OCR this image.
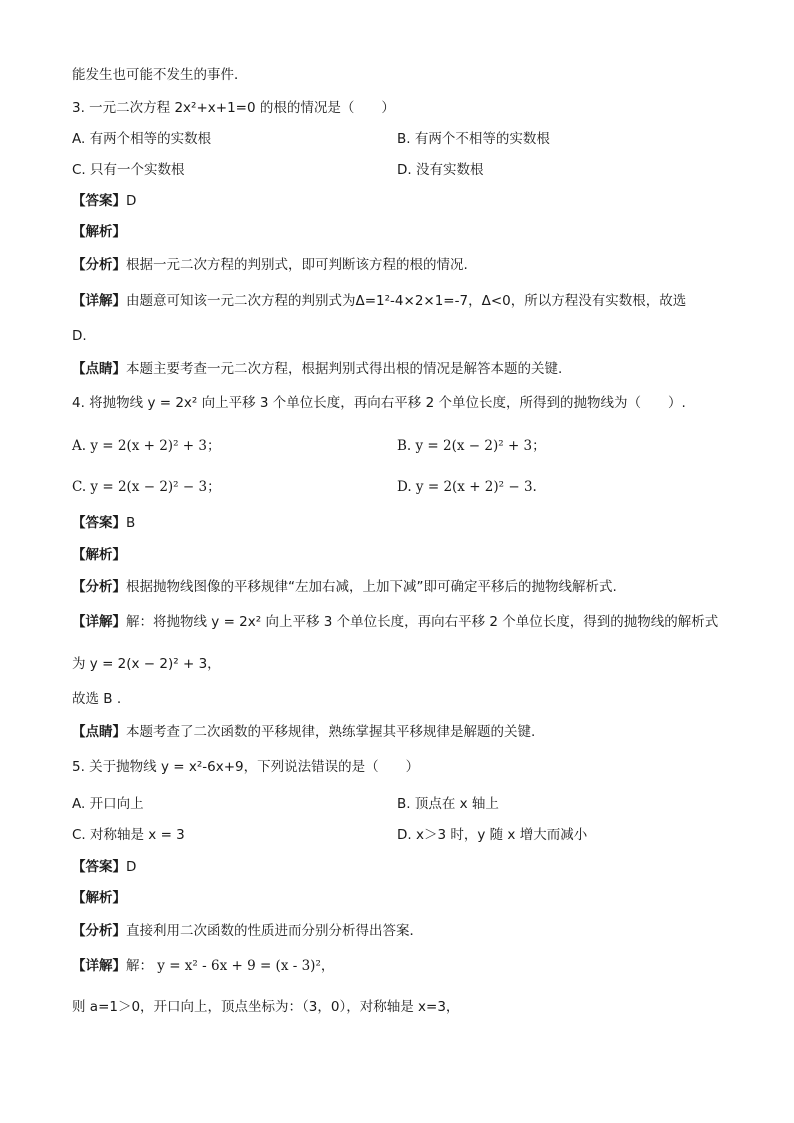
能发生也可能不发生的事件．
3. 一元二次方程 2x²+x+1=0 的根的情况是（　　）
A. 有两个相等的实数根	B. 有两个不相等的实数根
C. 只有一个实数根	D. 没有实数根
【答案】D
【解析】
【分析】根据一元二次方程的判别式，即可判断该方程的根的情况.
【详解】由题意可知该一元二次方程的判别式为Δ=1²-4×2×1=-7，Δ<0，所以方程没有实数根，故选
D.
【点睛】本题主要考查一元二次方程，根据判别式得出根的情况是解答本题的关键.
4. 将抛物线 y = 2x² 向上平移 3 个单位长度，再向右平移 2 个单位长度，所得到的抛物线为（　　）.
A. y = 2(x + 2)² + 3；	B. y = 2(x − 2)² + 3；
C. y = 2(x − 2)² − 3；	D. y = 2(x + 2)² − 3.
【答案】B
【解析】
【分析】根据抛物线图像的平移规律“左加右减，上加下减”即可确定平移后的抛物线解析式.
【详解】解：将抛物线 y = 2x² 向上平移 3 个单位长度，再向右平移 2 个单位长度，得到的抛物线的解析式
为 y = 2(x − 2)² + 3，
故选 B .
【点睛】本题考查了二次函数的平移规律，熟练掌握其平移规律是解题的关键.
5. 关于抛物线 y = x²-6x+9，下列说法错误的是（　　）
A. 开口向上	B. 顶点在 x 轴上
C. 对称轴是 x = 3	D. x＞3 时，y 随 x 增大而减小
【答案】D
【解析】
【分析】直接利用二次函数的性质进而分别分析得出答案．
【详解】解： y = x² - 6x + 9 = (x - 3)²，
则 a=1＞0，开口向上，顶点坐标为：（3，0），对称轴是 x=3，
